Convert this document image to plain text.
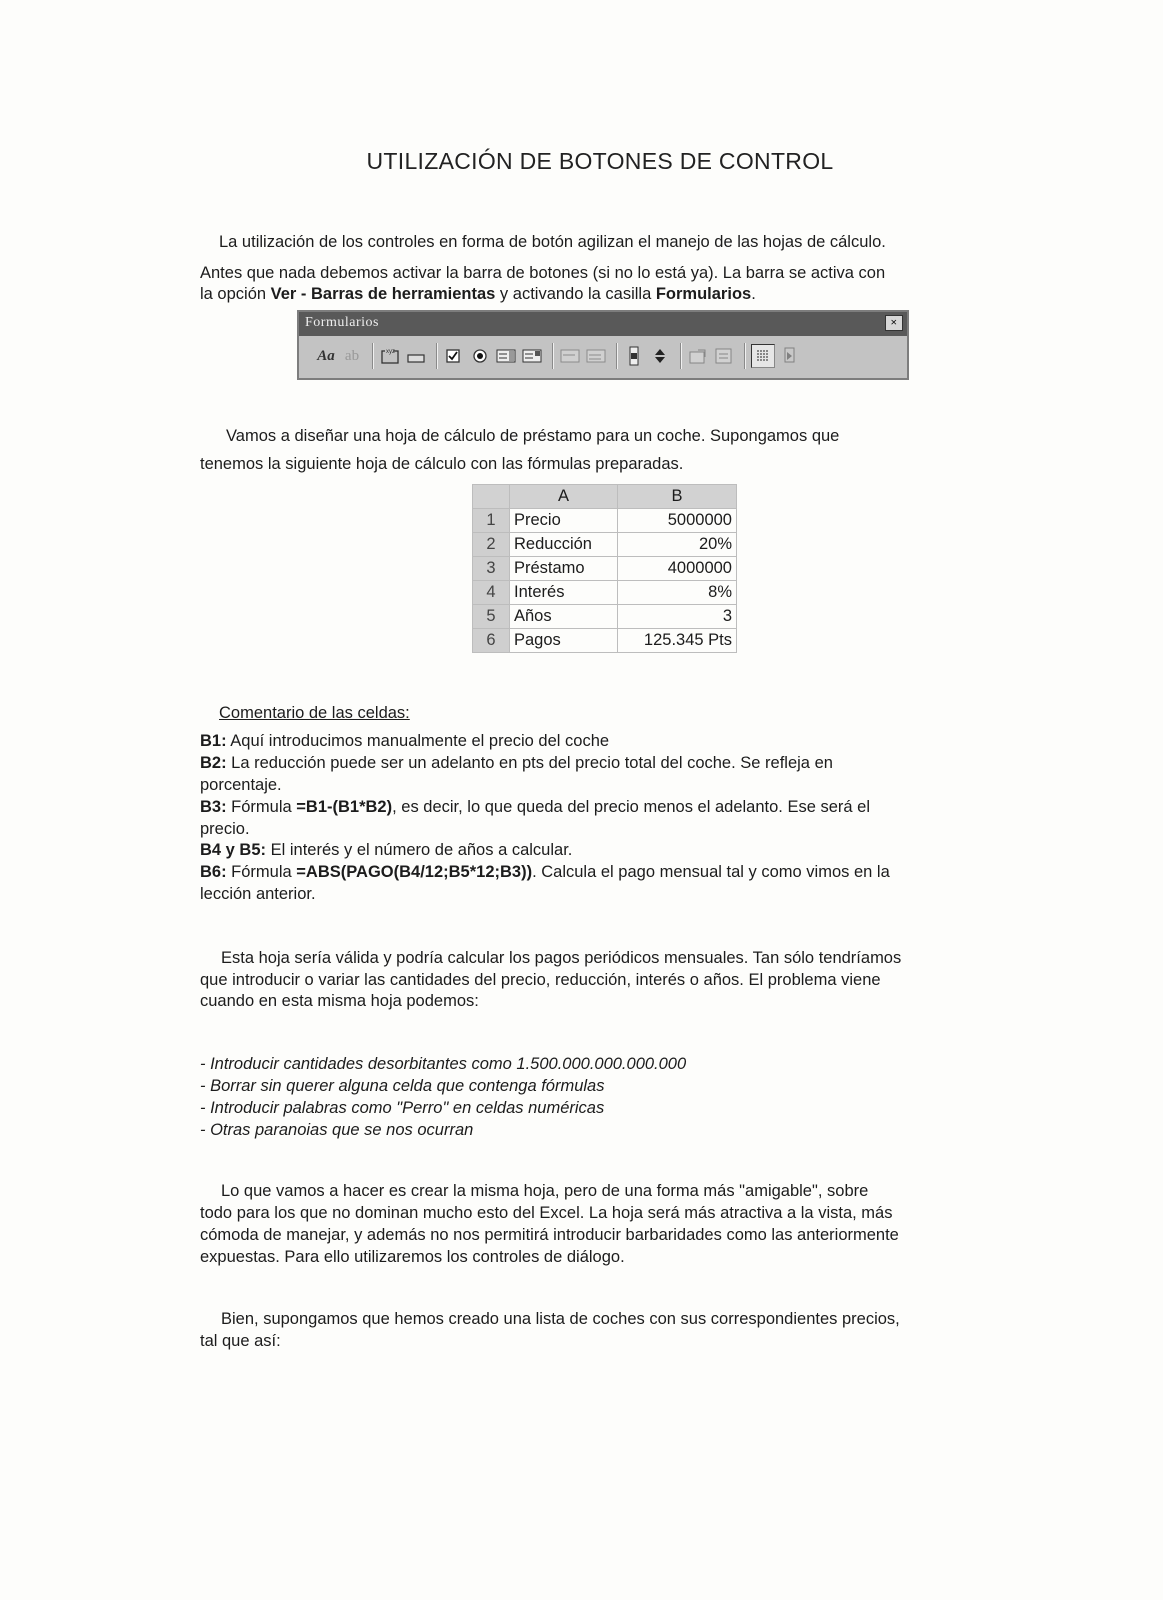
UTILIZACIÓN DE BOTONES DE CONTROL
La utilización de los controles en forma de botón agilizan el manejo de las hojas de cálculo.
Antes que nada debemos activar la barra de botones (si no lo está ya). La barra se activa con
la opción Ver - Barras de herramientas y activando la casilla Formularios.
Formularios	×
Aa ab	xyz
Vamos a diseñar una hoja de cálculo de préstamo para un coche. Supongamos que
tenemos la siguiente hoja de cálculo con las fórmulas preparadas.
	A	B
1	Precio	5000000
2	Reducción	20%
3	Préstamo	4000000
4	Interés	8%
5	Años	3
6	Pagos	125.345 Pts
Comentario de las celdas:
B1: Aquí introducimos manualmente el precio del coche
B2: La reducción puede ser un adelanto en pts del precio total del coche. Se refleja en
porcentaje.
B3: Fórmula =B1-(B1*B2), es decir, lo que queda del precio menos el adelanto. Ese será el
precio.
B4 y B5: El interés y el número de años a calcular.
B6: Fórmula =ABS(PAGO(B4/12;B5*12;B3)). Calcula el pago mensual tal y como vimos en la
lección anterior.
Esta hoja sería válida y podría calcular los pagos periódicos mensuales. Tan sólo tendríamos
que introducir o variar las cantidades del precio, reducción, interés o años. El problema viene
cuando en esta misma hoja podemos:
- Introducir cantidades desorbitantes como 1.500.000.000.000.000
- Borrar sin querer alguna celda que contenga fórmulas
- Introducir palabras como "Perro" en celdas numéricas
- Otras paranoias que se nos ocurran
Lo que vamos a hacer es crear la misma hoja, pero de una forma más "amigable", sobre
todo para los que no dominan mucho esto del Excel. La hoja será más atractiva a la vista, más
cómoda de manejar, y además no nos permitirá introducir barbaridades como las anteriormente
expuestas. Para ello utilizaremos los controles de diálogo.
Bien, supongamos que hemos creado una lista de coches con sus correspondientes precios,
tal que así:
